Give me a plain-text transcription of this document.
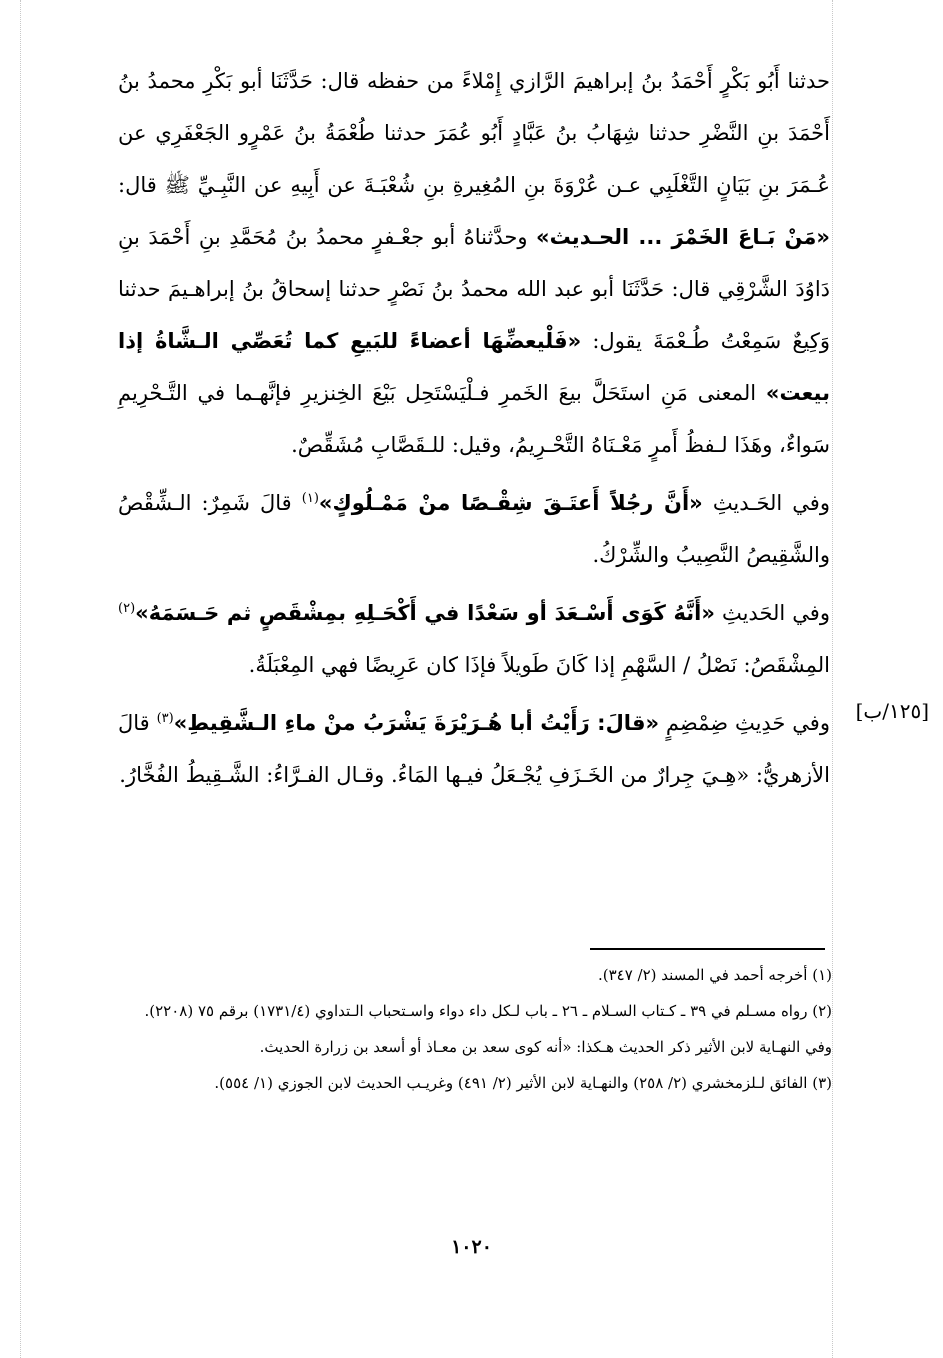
حدثنا أَبُو بَكْرٍ أَحْمَدُ بنُ إبراهيمَ الرَّازي إِمْلاءً من حفظه قال: حَدَّثَنَا أبو بَكْرِ محمدُ بنُ أَحْمَدَ بنِ النَّضْرِ حدثنا شِهَابُ بنُ عَبَّادٍ أَبُو عُمَرَ حدثنا طُعْمَةُ بنُ عَمْرٍو الجَعْفَرِي عن عُـمَرَ بنِ بَيَانٍ التَّغْلَبِي عـن عُرْوَةَ بنِ المُغِيرةِ بنِ شُعْبَـةَ عن أَبِيهِ عن النَّبِـيِّ ﷺ قال: «مَنْ بَـاعَ الخَمْرَ ... الحـديث» وحدَّثناهُ أبو جعْـفرٍ محمدُ بنُ مُحَمَّدِ بنِ أَحْمَدَ بنِ دَاوُدَ الشَّرْقِي قال: حَدَّثَنَا أبو عبد الله محمدُ بنُ نَصْرٍ حدثنا إسحاقُ بنُ إبراهـيمَ حدثنا وَكِيعٌ سَمِعْتُ طُـعْمَةَ يقول: «فَلْيعضِّهَا أعضاءً للبَيعِ كما تُعَصِّي الـشَّاةُ إذا بيعت» المعنى مَنِ استَحَلَّ بيعَ الخَمرِ فـلْيَسْتَحِل بَيْعَ الخِنزيرِ فإنَّهـما في التَّـحْرِيمِ سَواءٌ، وهَذَا لـفظُ أَمرٍ مَعْـنَاهُ التَّحْـرِيمُ، وقيل: للـقَصَّابِ مُشَقِّصٌ.

وفي الحَـديثِ «أَنَّ رجُلاً أَعتَـقَ شِقْـصًا منْ مَمْـلُوكٍ»$^{(١)}$ قالَ شَمِرٌ: الـشِّقْصُ والشَّقِيصُ النَّصِيبُ والشِّرْكُ.

وفي الحَديثِ «أَنَّهُ كَوَى أَسْـعَدَ أو سَعْدًا في أَكْحَـلِهِ بمِشْقَصٍ ثم حَـسَمَهُ»$^{(٢)}$ المِشْقَصُ: نَصْلُ / السَّهْمِ إذا كَانَ طَويلاً فإذَا كان عَرِيضًا فهي المِعْبَلَةُ.

وفي حَدِيثِ ضِمْضِمٍ «قالَ: رَأَيْتُ أبا هُـرَيْرَةَ يَشْرَبُ منْ ماءِ الـشَّقِيطِ»$^{(٣)}$ قالَ الأزهريُّ: «هِـيَ جِرارٌ من الخَـزَفِ يُجْـعَلُ فيـها المَاءُ. وقـال الفـرَّاءُ: الشَّـقِيطُ الفُخَّارُ.

[١٢٥/ب]

(١) أخرجه أحمد في المسند (٢/ ٣٤٧).

(٢) رواه مسـلم في ٣٩ ـ كـتاب السـلام ـ ٢٦ ـ باب لـكل داء دواء واسـتحباب الـتداوي (١٧٣١/٤) برقم ٧٥ (٢٢٠٨).

وفي النهـاية لابن الأثير ذكر الحديث هـكذا: «أنه كوى سعد بن معـاذ أو أسعد بن زرارة الحديث.

(٣) الفائق لـلزمخشري (٢/ ٢٥٨) والنهـاية لابن الأثير (٢/ ٤٩١) وغريـب الحديث لابن الجوزي (١/ ٥٥٤).

١٠٢٠
